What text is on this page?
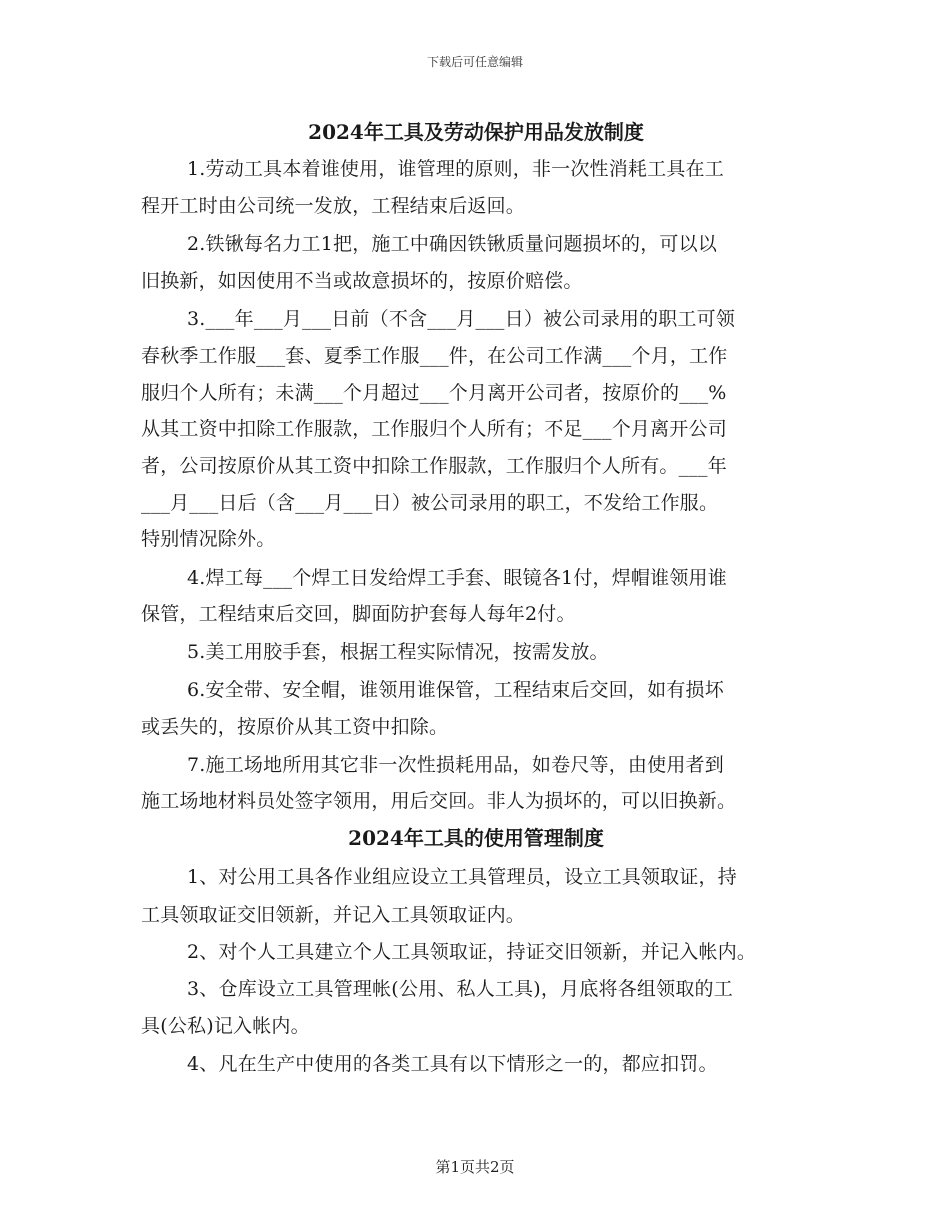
下载后可任意编辑
2024年工具及劳动保护用品发放制度
1.劳动工具本着谁使用，谁管理的原则，非一次性消耗工具在工
程开工时由公司统一发放，工程结束后返回。
2.铁锹每名力工1把，施工中确因铁锹质量问题损坏的，可以以
旧换新，如因使用不当或故意损坏的，按原价赔偿。
3.___年___月___日前（不含___月___日）被公司录用的职工可领
春秋季工作服___套、夏季工作服___件，在公司工作满___个月，工作
服归个人所有；未满___个月超过___个月离开公司者，按原价的___%
从其工资中扣除工作服款，工作服归个人所有；不足___个月离开公司
者，公司按原价从其工资中扣除工作服款，工作服归个人所有。___年
___月___日后（含___月___日）被公司录用的职工，不发给工作服。
特别情况除外。
4.焊工每___个焊工日发给焊工手套、眼镜各1付，焊帽谁领用谁
保管，工程结束后交回，脚面防护套每人每年2付。
5.美工用胶手套，根据工程实际情况，按需发放。
6.安全带、安全帽，谁领用谁保管，工程结束后交回，如有损坏
或丢失的，按原价从其工资中扣除。
7.施工场地所用其它非一次性损耗用品，如卷尺等，由使用者到
施工场地材料员处签字领用，用后交回。非人为损坏的，可以旧换新。
2024年工具的使用管理制度
1、对公用工具各作业组应设立工具管理员，设立工具领取证，持
工具领取证交旧领新，并记入工具领取证内。
2、对个人工具建立个人工具领取证，持证交旧领新，并记入帐内。
3、仓库设立工具管理帐(公用、私人工具)，月底将各组领取的工
具(公私)记入帐内。
4、凡在生产中使用的各类工具有以下情形之一的，都应扣罚。
第1页共2页
